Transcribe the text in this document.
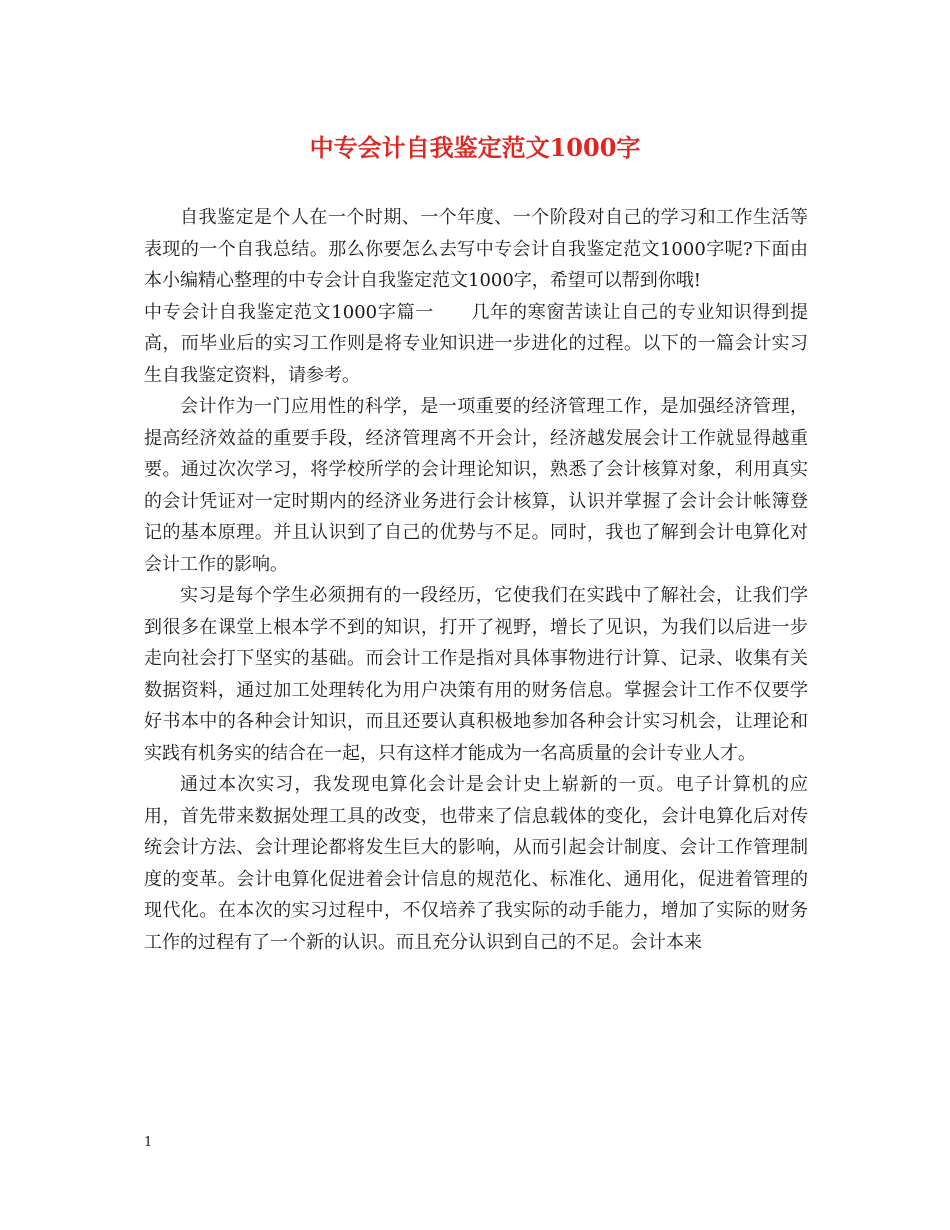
中专会计自我鉴定范文1000字

自我鉴定是个人在一个时期、一个年度、一个阶段对自己的学习和工作生活等表现的一个自我总结。那么你要怎么去写中专会计自我鉴定范文1000字呢?下面由本小编精心整理的中专会计自我鉴定范文1000字，希望可以帮到你哦!

中专会计自我鉴定范文1000字篇一　　几年的寒窗苦读让自己的专业知识得到提高，而毕业后的实习工作则是将专业知识进一步进化的过程。以下的一篇会计实习生自我鉴定资料，请参考。

会计作为一门应用性的科学，是一项重要的经济管理工作，是加强经济管理，提高经济效益的重要手段，经济管理离不开会计，经济越发展会计工作就显得越重要。通过次次学习，将学校所学的会计理论知识，熟悉了会计核算对象，利用真实的会计凭证对一定时期内的经济业务进行会计核算，认识并掌握了会计会计帐簿登记的基本原理。并且认识到了自己的优势与不足。同时，我也了解到会计电算化对会计工作的影响。

实习是每个学生必须拥有的一段经历，它使我们在实践中了解社会，让我们学到很多在课堂上根本学不到的知识，打开了视野，增长了见识，为我们以后进一步走向社会打下坚实的基础。而会计工作是指对具体事物进行计算、记录、收集有关数据资料，通过加工处理转化为用户决策有用的财务信息。掌握会计工作不仅要学好书本中的各种会计知识，而且还要认真积极地参加各种会计实习机会，让理论和实践有机务实的结合在一起，只有这样才能成为一名高质量的会计专业人才。

通过本次实习，我发现电算化会计是会计史上崭新的一页。电子计算机的应用，首先带来数据处理工具的改变，也带来了信息载体的变化，会计电算化后对传统会计方法、会计理论都将发生巨大的影响，从而引起会计制度、会计工作管理制度的变革。会计电算化促进着会计信息的规范化、标准化、通用化，促进着管理的现代化。在本次的实习过程中，不仅培养了我实际的动手能力，增加了实际的财务工作的过程有了一个新的认识。而且充分认识到自己的不足。会计本来

1
